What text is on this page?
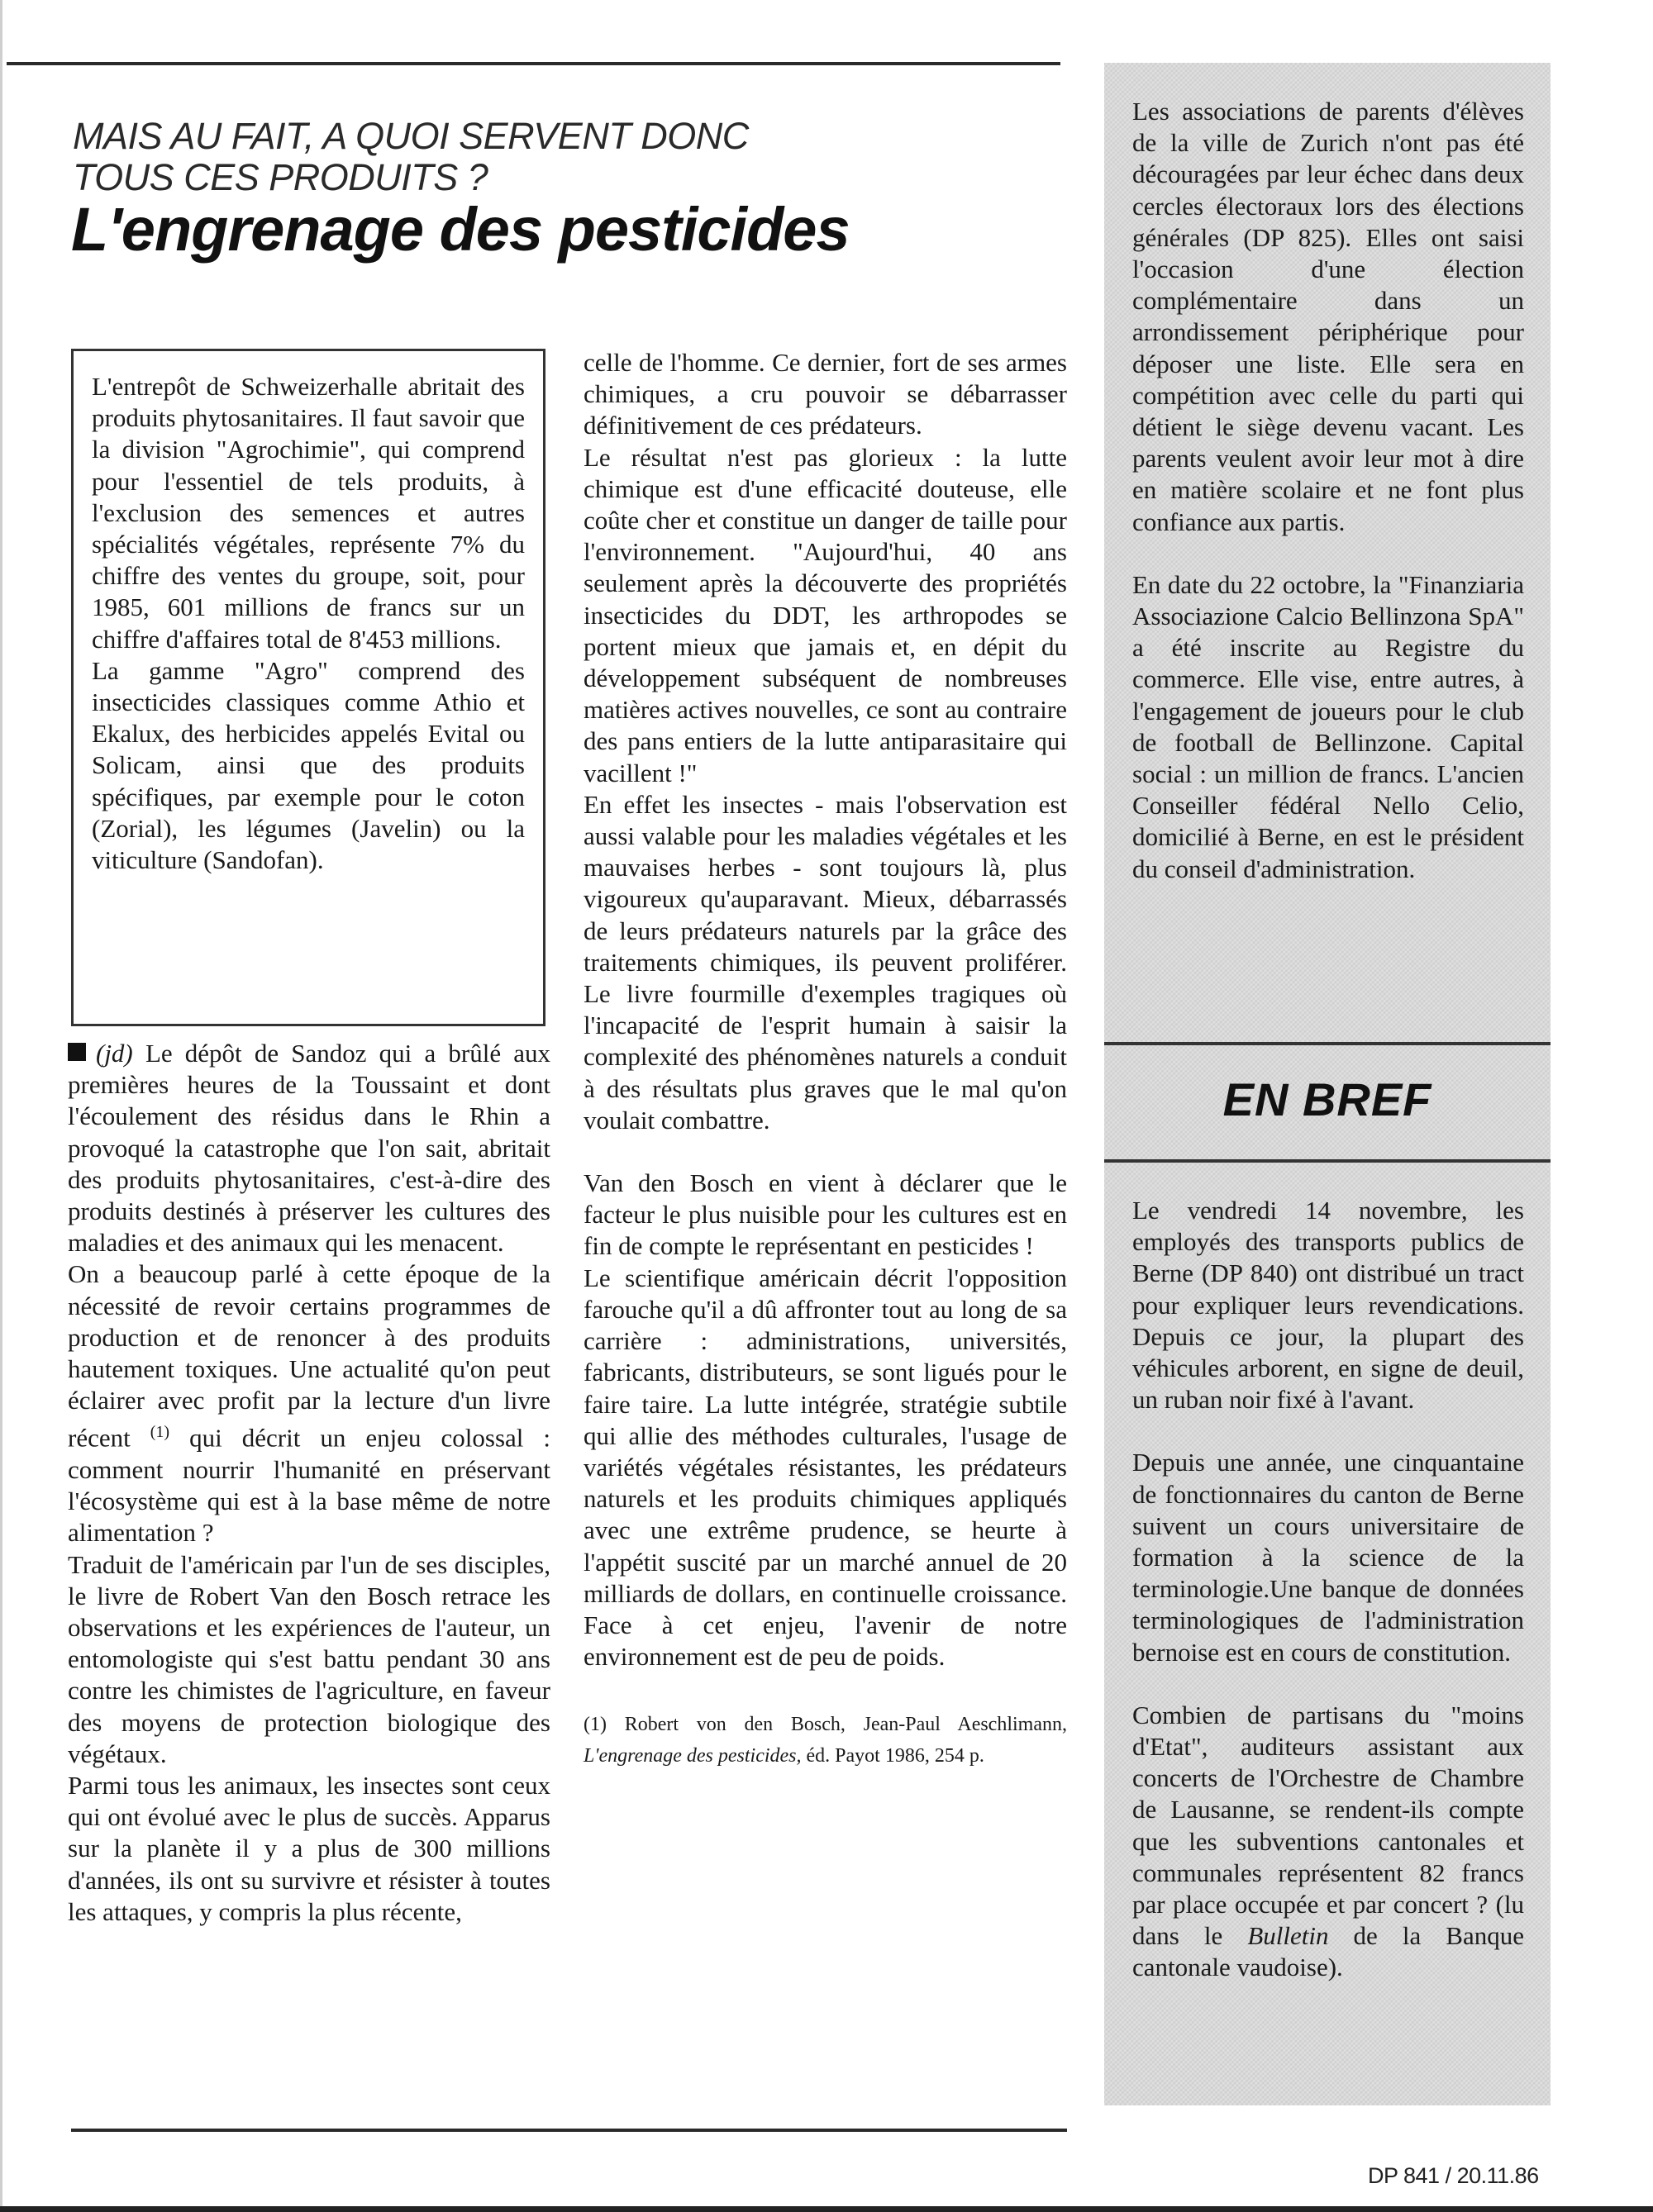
MAIS AU FAIT, A QUOI SERVENT DONC
TOUS CES PRODUITS ?
L'engrenage des pesticides

L'entrepôt de Schweizerhalle abritait des produits phytosanitaires. Il faut savoir que la division "Agrochimie", qui comprend pour l'essentiel de tels produits, à l'exclusion des semences et autres spécialités végétales, représente 7% du chiffre des ventes du groupe, soit, pour 1985, 601 millions de francs sur un chiffre d'affaires total de 8'453 millions.

La gamme "Agro" comprend des insecticides classiques comme Athio et Ekalux, des herbicides appelés Evital ou Solicam, ainsi que des produits spécifiques, par exemple pour le coton (Zorial), les légumes (Javelin) ou la viticulture (Sandofan).

(jd) Le dépôt de Sandoz qui a brûlé aux premières heures de la Toussaint et dont l'écoulement des résidus dans le Rhin a provoqué la catastrophe que l'on sait, abritait des produits phytosanitaires, c'est-à-dire des produits destinés à préserver les cultures des maladies et des animaux qui les menacent.

On a beaucoup parlé à cette époque de la nécessité de revoir certains programmes de production et de renoncer à des produits hautement toxiques. Une actualité qu'on peut éclairer avec profit par la lecture d'un livre récent $^{(1)}$ qui décrit un enjeu colossal : comment nourrir l'humanité en préservant l'écosystème qui est à la base même de notre alimentation ?

Traduit de l'américain par l'un de ses disciples, le livre de Robert Van den Bosch retrace les observations et les expériences de l'auteur, un entomologiste qui s'est battu pendant 30 ans contre les chimistes de l'agriculture, en faveur des moyens de protection biologique des végétaux.

Parmi tous les animaux, les insectes sont ceux qui ont évolué avec le plus de succès. Apparus sur la planète il y a plus de 300 millions d'années, ils ont su survivre et résister à toutes les attaques, y compris la plus récente,

celle de l'homme. Ce dernier, fort de ses armes chimiques, a cru pouvoir se débarrasser définitivement de ces prédateurs.

Le résultat n'est pas glorieux : la lutte chimique est d'une efficacité douteuse, elle coûte cher et constitue un danger de taille pour l'environnement. "Aujourd'hui, 40 ans seulement après la découverte des propriétés insecticides du DDT, les arthropodes se portent mieux que jamais et, en dépit du développement subséquent de nombreuses matières actives nouvelles, ce sont au contraire des pans entiers de la lutte antiparasitaire qui vacillent !"

En effet les insectes - mais l'observation est aussi valable pour les maladies végétales et les mauvaises herbes - sont toujours là, plus vigoureux qu'auparavant. Mieux, débarrassés de leurs prédateurs naturels par la grâce des traitements chimiques, ils peuvent proliférer. Le livre fourmille d'exemples tragiques où l'incapacité de l'esprit humain à saisir la complexité des phénomènes naturels a conduit à des résultats plus graves que le mal qu'on voulait combattre.

Van den Bosch en vient à déclarer que le facteur le plus nuisible pour les cultures est en fin de compte le représentant en pesticides !

Le scientifique américain décrit l'opposition farouche qu'il a dû affronter tout au long de sa carrière : administrations, universités, fabricants, distributeurs, se sont ligués pour le faire taire. La lutte intégrée, stratégie subtile qui allie des méthodes culturales, l'usage de variétés végétales résistantes, les prédateurs naturels et les produits chimiques appliqués avec une extrême prudence, se heurte à l'appétit suscité par un marché annuel de 20 milliards de dollars, en continuelle croissance. Face à cet enjeu, l'avenir de notre environnement est de peu de poids.

(1) Robert von den Bosch, Jean-Paul Aeschlimann, L'engrenage des pesticides, éd. Payot 1986, 254 p.

Les associations de parents d'élèves de la ville de Zurich n'ont pas été découragées par leur échec dans deux cercles électoraux lors des élections générales (DP 825). Elles ont saisi l'occasion d'une élection complémentaire dans un arrondissement périphérique pour déposer une liste. Elle sera en compétition avec celle du parti qui détient le siège devenu vacant. Les parents veulent avoir leur mot à dire en matière scolaire et ne font plus confiance aux partis.

En date du 22 octobre, la "Finanziaria Associazione Calcio Bellinzona SpA" a été inscrite au Registre du commerce. Elle vise, entre autres, à l'engagement de joueurs pour le club de football de Bellinzone. Capital social : un million de francs. L'ancien Conseiller fédéral Nello Celio, domicilié à Berne, en est le président du conseil d'administration.

EN BREF

Le vendredi 14 novembre, les employés des transports publics de Berne (DP 840) ont distribué un tract pour expliquer leurs revendications. Depuis ce jour, la plupart des véhicules arborent, en signe de deuil, un ruban noir fixé à l'avant.

Depuis une année, une cinquantaine de fonctionnaires du canton de Berne suivent un cours universitaire de formation à la science de la terminologie.Une banque de données terminologiques de l'administration bernoise est en cours de constitution.

Combien de partisans du "moins d'Etat", auditeurs assistant aux concerts de l'Orchestre de Chambre de Lausanne, se rendent-ils compte que les subventions cantonales et communales représentent 82 francs par place occupée et par concert ? (lu dans le Bulletin de la Banque cantonale vaudoise).

DP 841 / 20.11.86
